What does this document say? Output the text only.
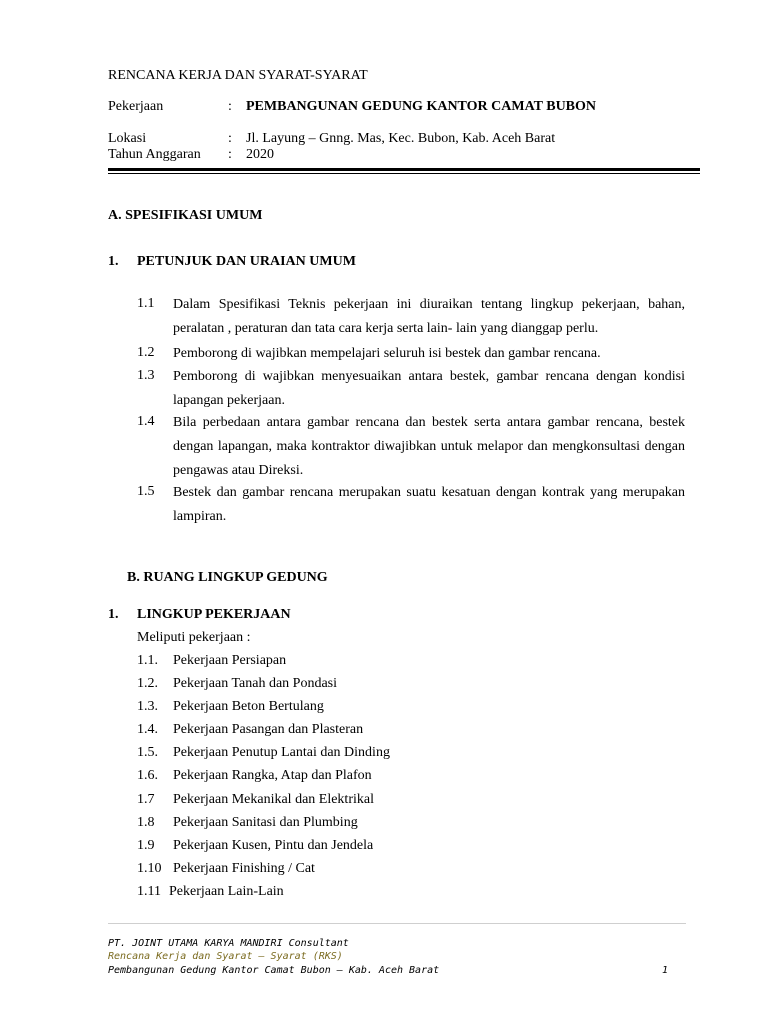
RENCANA KERJA DAN SYARAT-SYARAT
Pekerjaan	: PEMBANGUNAN GEDUNG KANTOR CAMAT BUBON
Lokasi	: Jl. Layung – Gnng. Mas, Kec. Bubon, Kab. Aceh Barat
Tahun Anggaran : 2020
A. SPESIFIKASI UMUM
1. PETUNJUK DAN URAIAN UMUM
1.1 Dalam Spesifikasi Teknis pekerjaan ini diuraikan tentang lingkup pekerjaan, bahan, peralatan , peraturan dan tata cara kerja serta lain- lain yang dianggap perlu.
1.2 Pemborong di wajibkan mempelajari seluruh isi bestek dan gambar rencana.
1.3 Pemborong di wajibkan menyesuaikan antara bestek, gambar rencana dengan kondisi lapangan pekerjaan.
1.4 Bila perbedaan antara gambar rencana dan bestek serta antara gambar rencana, bestek dengan lapangan, maka kontraktor diwajibkan untuk melapor dan mengkonsultasi dengan pengawas atau Direksi.
1.5 Bestek dan gambar rencana merupakan suatu kesatuan dengan kontrak yang merupakan lampiran.
B. RUANG LINGKUP GEDUNG
1. LINGKUP PEKERJAAN
Meliputi pekerjaan :
1.1. Pekerjaan Persiapan
1.2. Pekerjaan Tanah dan Pondasi
1.3. Pekerjaan Beton Bertulang
1.4. Pekerjaan Pasangan dan Plasteran
1.5. Pekerjaan Penutup Lantai dan Dinding
1.6. Pekerjaan Rangka, Atap dan Plafon
1.7 Pekerjaan Mekanikal dan Elektrikal
1.8 Pekerjaan Sanitasi dan Plumbing
1.9 Pekerjaan Kusen, Pintu dan Jendela
1.10 Pekerjaan Finishing / Cat
1.11 Pekerjaan Lain-Lain
PT. JOINT UTAMA KARYA MANDIRI Consultant
Rencana Kerja dan Syarat – Syarat (RKS)
Pembangunan Gedung Kantor Camat Bubon – Kab. Aceh Barat	1
